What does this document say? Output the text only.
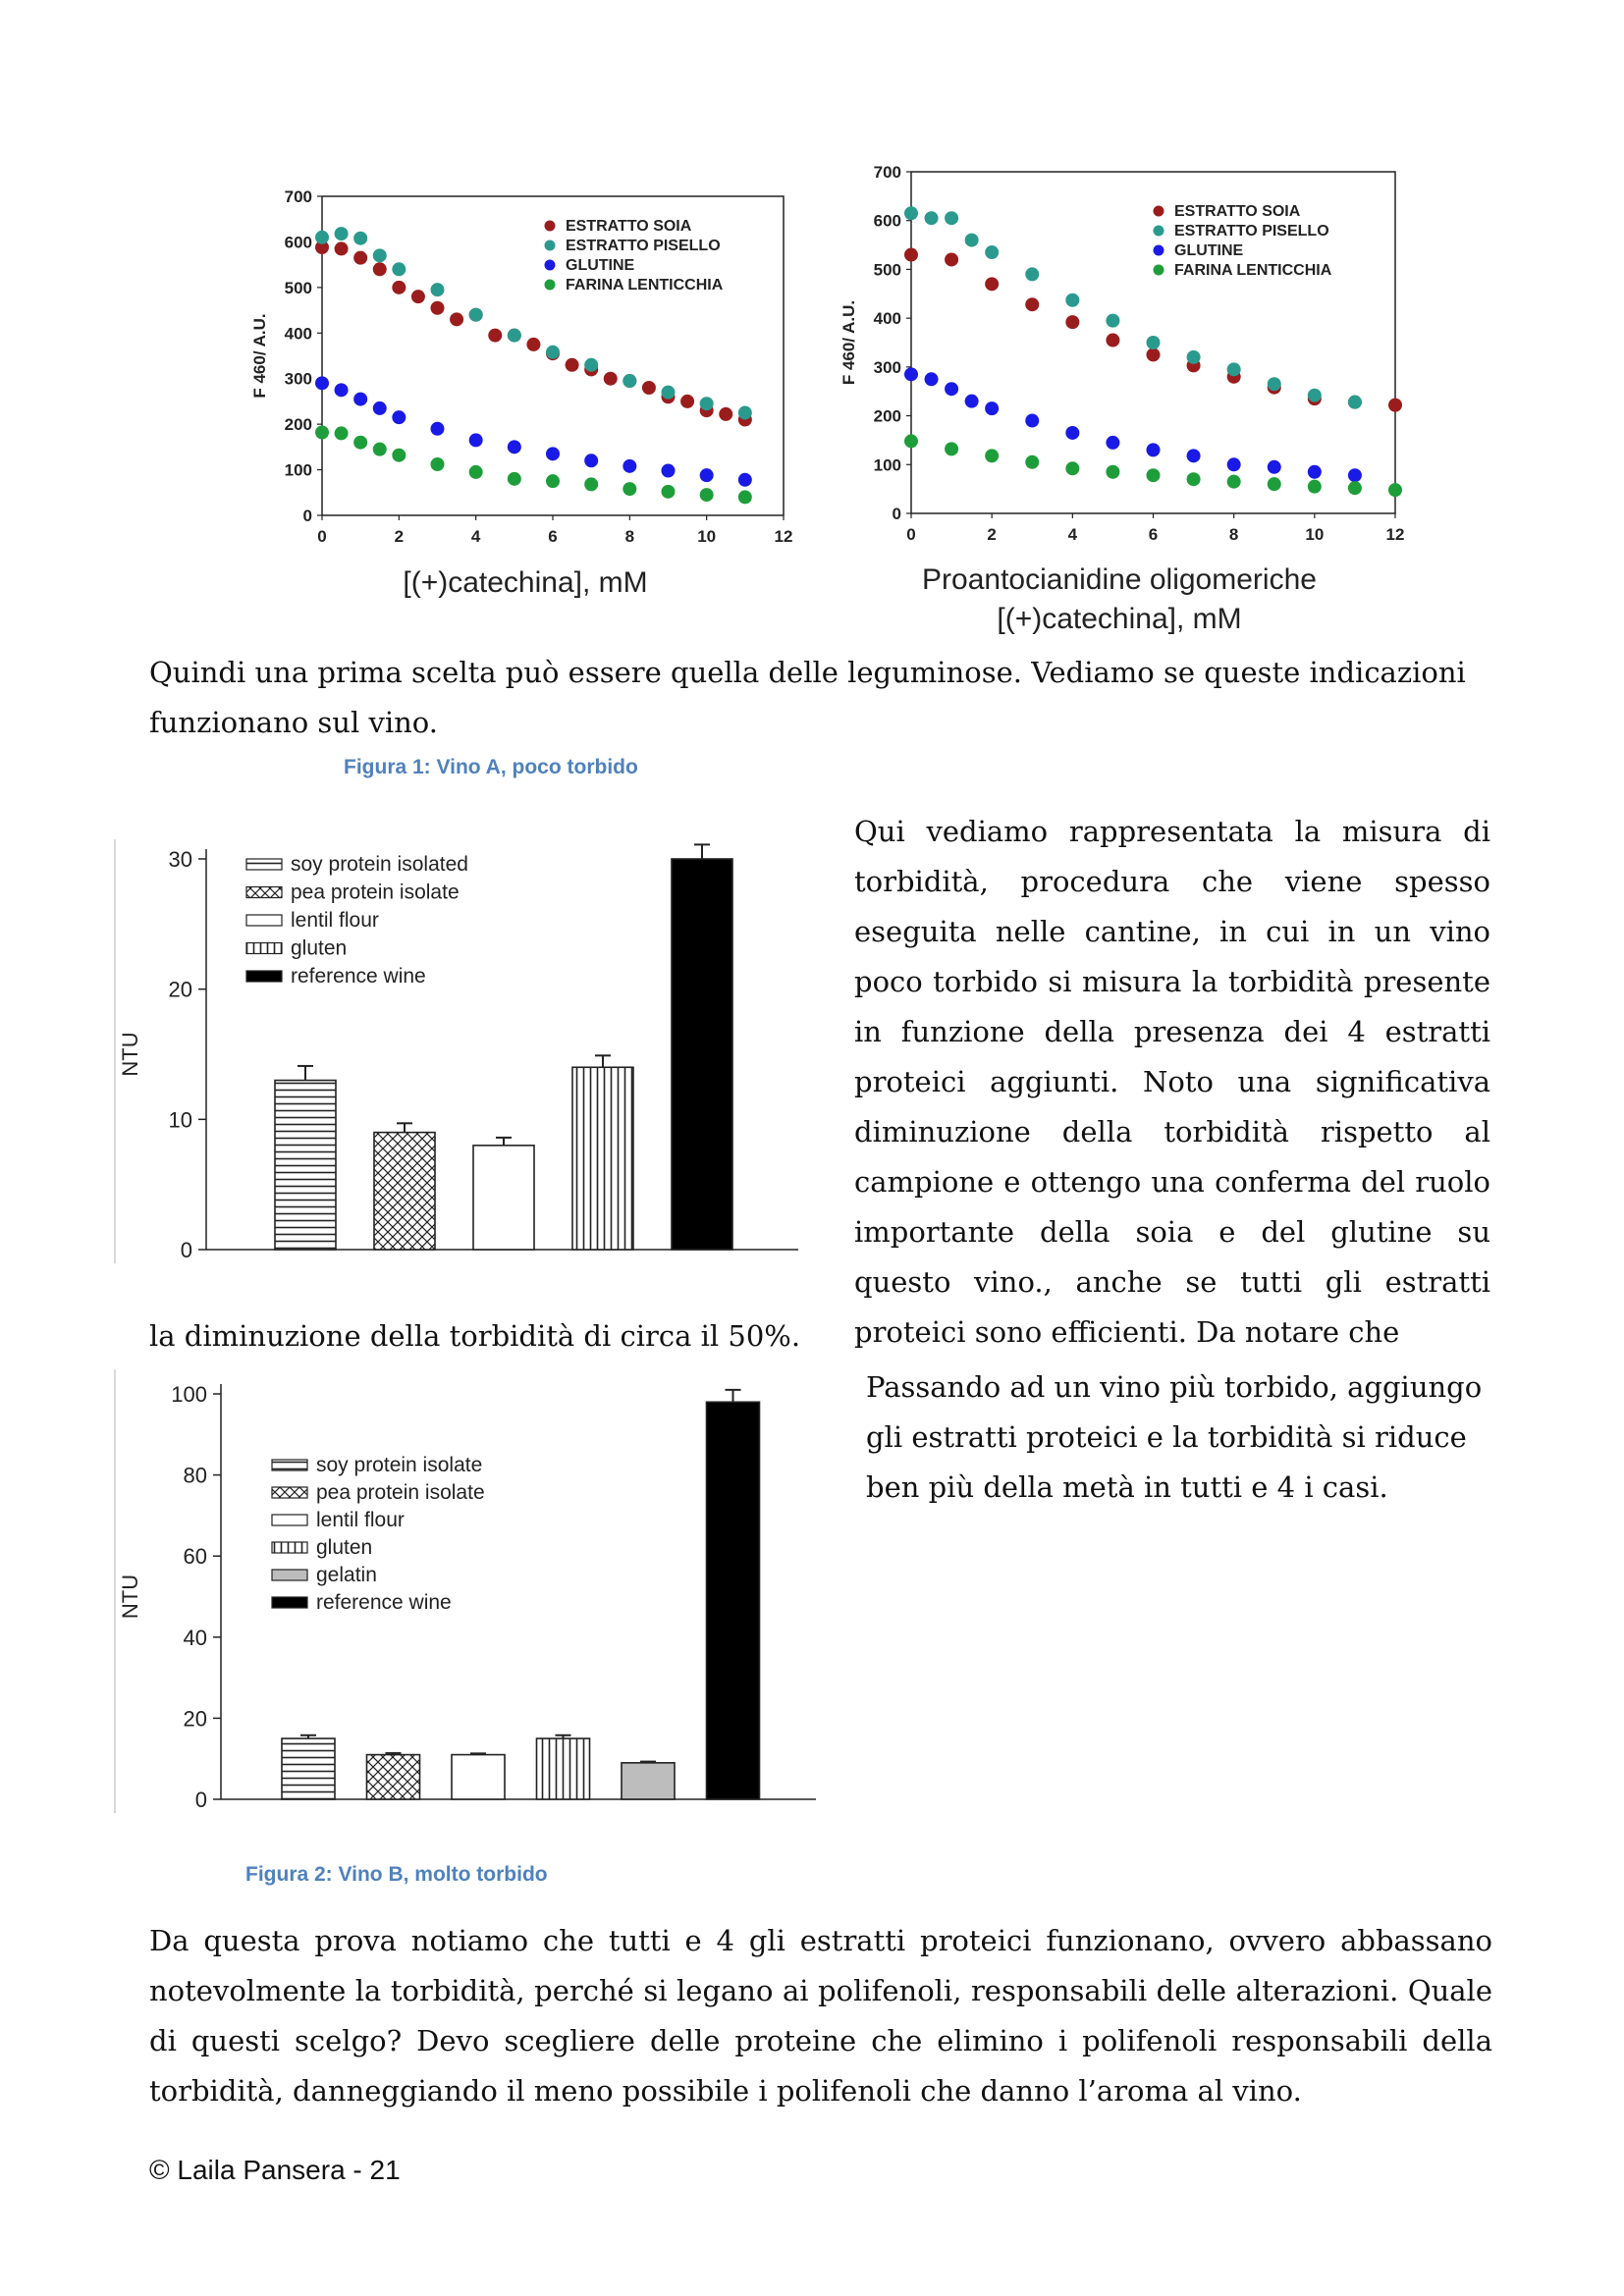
0
100
200
300
400
500
600
700
0	2	4	6	8	10	12
F 460/ A.U.
ESTRATTO SOIA
ESTRATTO PISELLO
GLUTINE
FARINA LENTICCHIA
[(+)catechina], mM
0
100
200
300
400
500
600
700
0	2	4	6	8	10	12
F 460/ A.U.
ESTRATTO SOIA
ESTRATTO PISELLO
GLUTINE
FARINA LENTICCHIA
Proantocianidine oligomeriche
[(+)catechina], mM
Quindi una prima scelta può essere quella delle leguminose. Vediamo se queste indicazioni
funzionano sul vino.
Figura 1: Vino A, poco torbido
0
10
20
30
NTU
soy protein isolated
pea protein isolate
lentil flour
gluten
reference wine
Qui vediamo rappresentata la misura di torbidità, procedura che viene spesso eseguita nelle cantine, in cui in un vino poco torbido si misura la torbidità presente in funzione della presenza dei 4 estratti proteici aggiunti. Noto una significativa diminuzione della torbidità rispetto al campione e ottengo una conferma del ruolo importante della soia e del glutine su questo vino., anche se tutti gli estratti proteici sono efficienti. Da notare che
la diminuzione della torbidità di circa il 50%.
0
20
40
60
80
100
NTU
soy protein isolate
pea protein isolate
lentil flour
gluten
gelatin
reference wine
Passando ad un vino più torbido, aggiungo gli estratti proteici e la torbidità si riduce ben più della metà in tutti e 4 i casi.
Figura 2: Vino B, molto torbido
Da questa prova notiamo che tutti e 4 gli estratti proteici funzionano, ovvero abbassano notevolmente la torbidità, perché si legano ai polifenoli, responsabili delle alterazioni. Quale di questi scelgo? Devo scegliere delle proteine che elimino i polifenoli responsabili della torbidità, danneggiando il meno possibile i polifenoli che danno l’aroma al vino.
© Laila Pansera - 21
